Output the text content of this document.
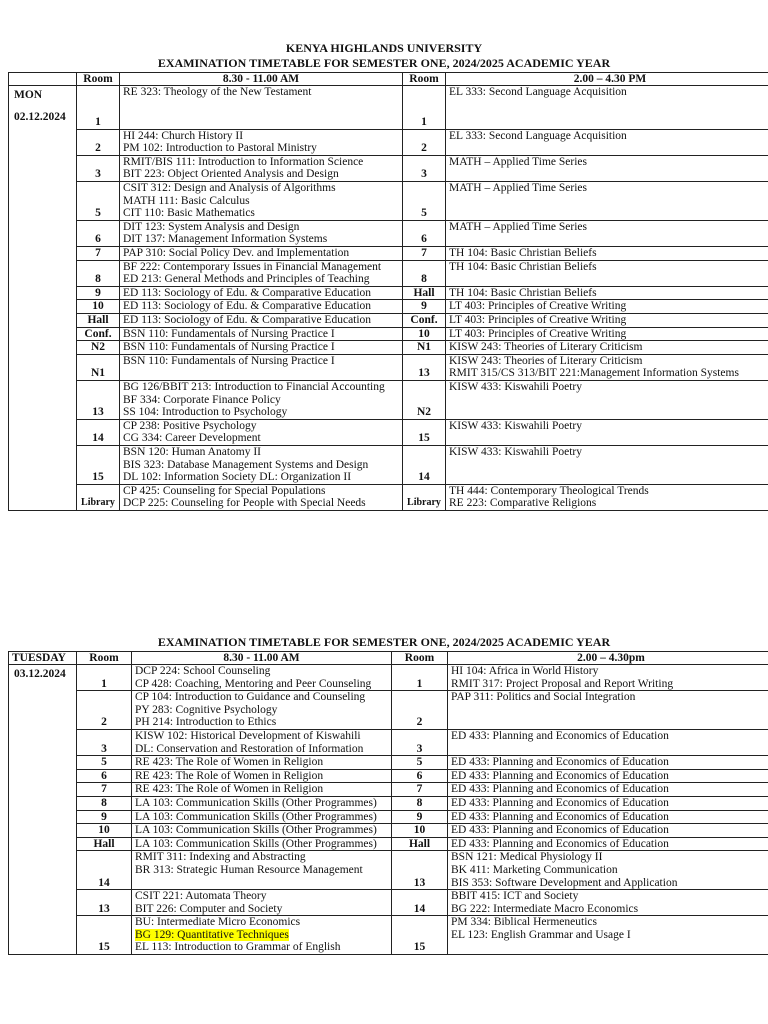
KENYA HIGHLANDS UNIVERSITY
EXAMINATION TIMETABLE FOR SEMESTER ONE, 2024/2025 ACADEMIC YEAR
	Room	8.30 - 11.00 AM	Room	2.00 – 4.30 PM

MON
02.12.2024	1	RE 323: Theology of the New Testament	1	EL 333: Second Language Acquisition

	2	HI 244: Church History II
PM 102: Introduction to Pastoral Ministry	2	EL 333: Second Language Acquisition

	3	RMIT/BIS 111: Introduction to Information Science
BIT 223: Object Oriented Analysis and Design	3	MATH – Applied Time Series

	5	CSIT 312: Design and Analysis of Algorithms
MATH 111: Basic Calculus
CIT 110: Basic Mathematics	5	MATH – Applied Time Series

	6	DIT 123: System Analysis and Design
DIT 137: Management Information Systems	6	MATH – Applied Time Series

	7	PAP 310: Social Policy Dev. and Implementation	7	TH 104: Basic Christian Beliefs

	8	BF 222: Contemporary Issues in Financial Management
ED 213: General Methods and Principles of Teaching	8	TH 104: Basic Christian Beliefs

	9	ED 113: Sociology of Edu. & Comparative Education	Hall	TH 104: Basic Christian Beliefs

	10	ED 113: Sociology of Edu. & Comparative Education	9	LT 403: Principles of Creative Writing

	Hall	ED 113: Sociology of Edu. & Comparative Education	Conf.	LT 403: Principles of Creative Writing

	Conf.	BSN 110: Fundamentals of Nursing Practice I	10	LT 403: Principles of Creative Writing

	N2	BSN 110: Fundamentals of Nursing Practice I	N1	KISW 243: Theories of Literary Criticism

	N1	BSN 110: Fundamentals of Nursing Practice I	13	KISW 243: Theories of Literary Criticism
RMIT 315/CS 313/BIT 221:Management Information Systems

	13	BG 126/BBIT 213: Introduction to Financial Accounting
BF 334: Corporate Finance Policy
SS 104: Introduction to Psychology	N2	KISW 433: Kiswahili Poetry

	14	CP 238: Positive Psychology
CG 334: Career Development	15	KISW 433: Kiswahili Poetry

	15	BSN 120: Human Anatomy II
BIS 323: Database Management Systems and Design
DL 102: Information Society DL: Organization II	14	KISW 433: Kiswahili Poetry

	Library	CP 425: Counseling for Special Populations
DCP 225: Counseling for People with Special Needs	Library	TH 444: Contemporary Theological Trends
RE 223: Comparative Religions
EXAMINATION TIMETABLE FOR SEMESTER ONE, 2024/2025 ACADEMIC YEAR
TUESDAY	Room	8.30 - 11.00 AM	Room	2.00 – 4.30pm

03.12.2024	1	DCP 224: School Counseling
CP 428: Coaching, Mentoring and Peer Counseling	1	HI 104: Africa in World History
RMIT 317: Project Proposal and Report Writing

	2	CP 104: Introduction to Guidance and Counseling
PY 283: Cognitive Psychology
PH 214: Introduction to Ethics	2	PAP 311: Politics and Social Integration

	3	KISW 102: Historical Development of Kiswahili
DL: Conservation and Restoration of Information	3	ED 433: Planning and Economics of Education

	5	RE 423: The Role of Women in Religion	5	ED 433: Planning and Economics of Education

	6	RE 423: The Role of Women in Religion	6	ED 433: Planning and Economics of Education

	7	RE 423: The Role of Women in Religion	7	ED 433: Planning and Economics of Education

	8	LA 103: Communication Skills (Other Programmes)	8	ED 433: Planning and Economics of Education

	9	LA 103: Communication Skills (Other Programmes)	9	ED 433: Planning and Economics of Education

	10	LA 103: Communication Skills (Other Programmes)	10	ED 433: Planning and Economics of Education

	Hall	LA 103: Communication Skills (Other Programmes)	Hall	ED 433: Planning and Economics of Education

	14	RMIT 311: Indexing and Abstracting
BR 313: Strategic Human Resource Management	13	BSN 121: Medical Physiology II
BK 411: Marketing Communication
BIS 353: Software Development and Application

	13	CSIT 221: Automata Theory
BIT 226: Computer and Society	14	BBIT 415: ICT and Society
BG 222: Intermediate Macro Economics

	15	BU: Intermediate Micro Economics
BG 129: Quantitative Techniques
EL 113: Introduction to Grammar of English	15	PM 334: Biblical Hermeneutics
EL 123: English Grammar and Usage I
